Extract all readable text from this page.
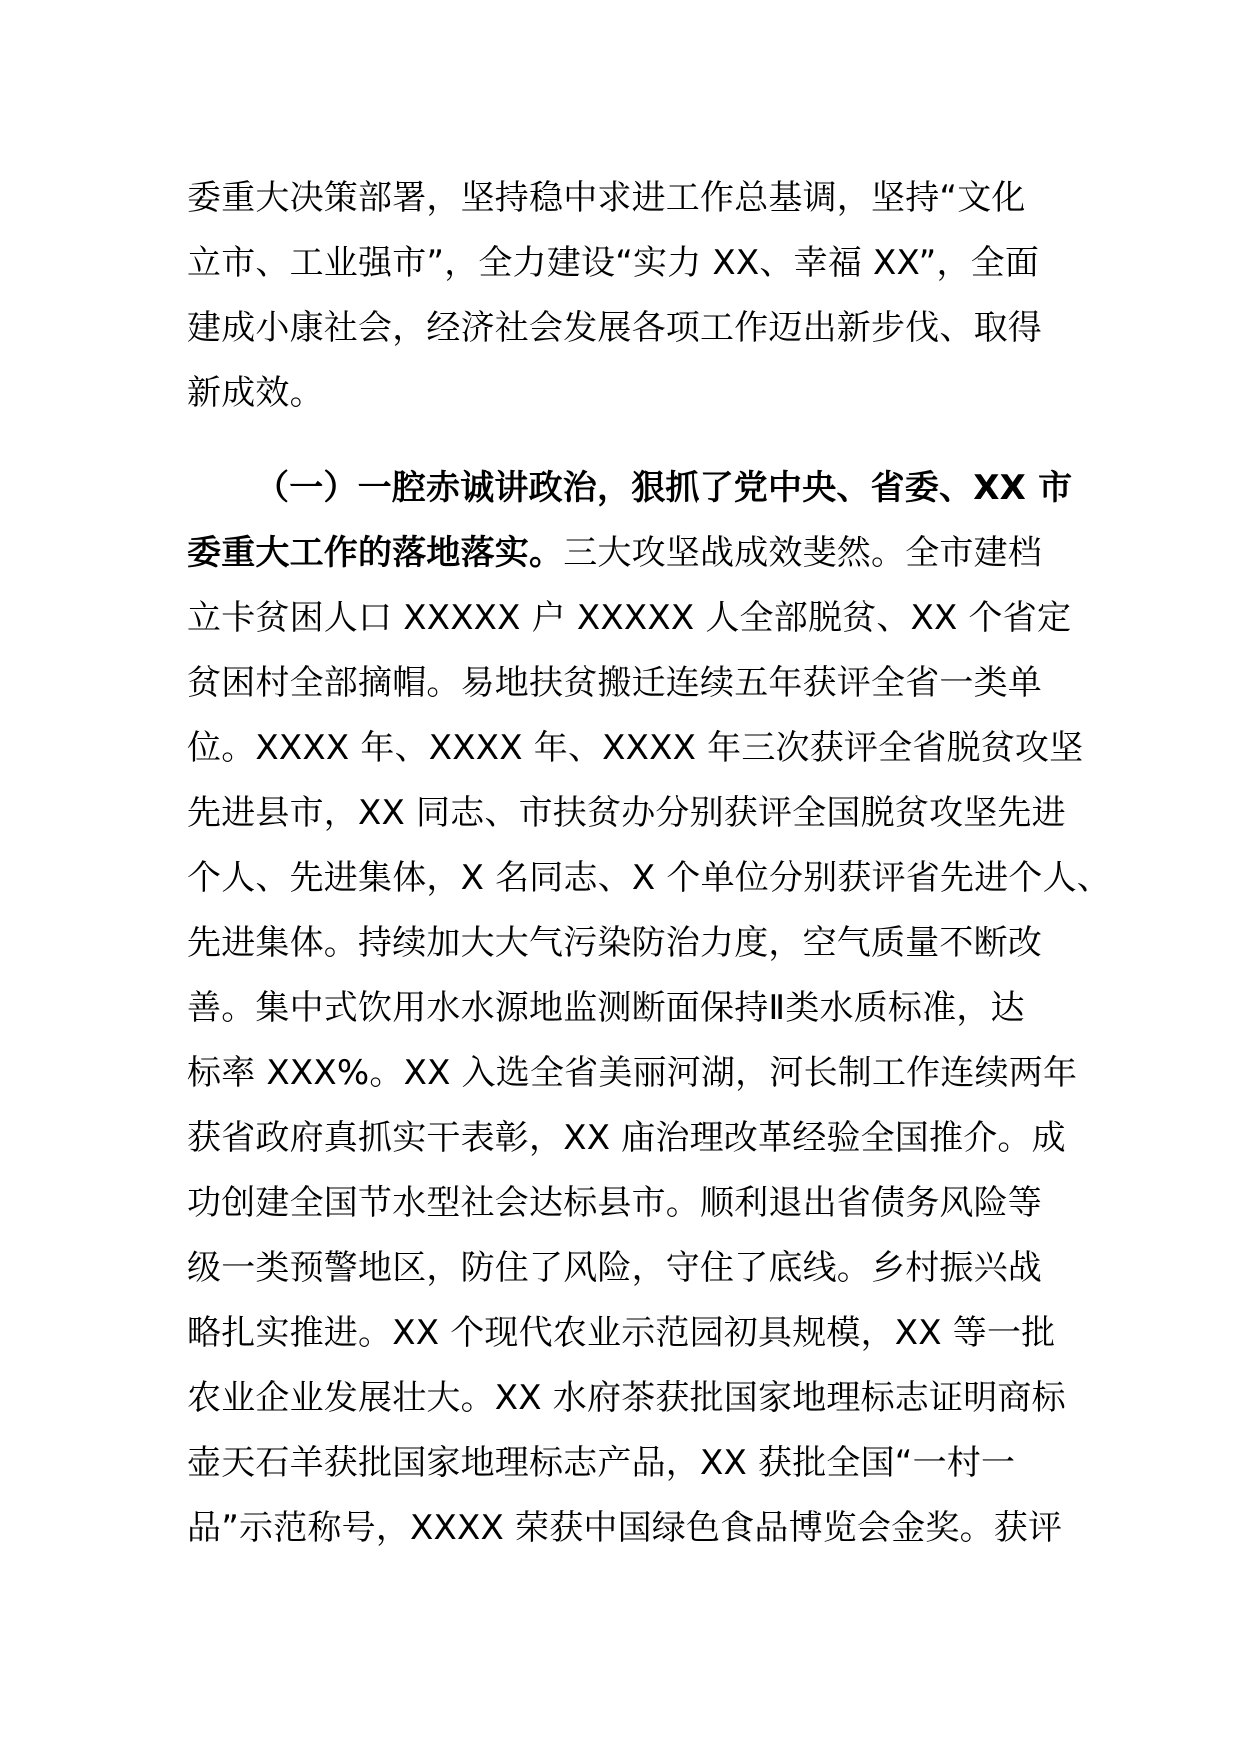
委重大决策部署，坚持稳中求进工作总基调，坚持“文化
立市、工业强市”，全力建设“实力 XX、幸福 XX”，全面
建成小康社会，经济社会发展各项工作迈出新步伐、取得
新成效。
（一）一腔赤诚讲政治，狠抓了党中央、省委、XX 市
委重大工作的落地落实。三大攻坚战成效斐然。全市建档
立卡贫困人口 XXXXX 户 XXXXX 人全部脱贫、XX 个省定
贫困村全部摘帽。易地扶贫搬迁连续五年获评全省一类单
位。XXXX 年、XXXX 年、XXXX 年三次获评全省脱贫攻坚
先进县市，XX 同志、市扶贫办分别获评全国脱贫攻坚先进
个人、先进集体，X 名同志、X 个单位分别获评省先进个人、
先进集体。持续加大大气污染防治力度，空气质量不断改
善。集中式饮用水水源地监测断面保持Ⅱ类水质标准，达
标率 XXX%。XX 入选全省美丽河湖，河长制工作连续两年
获省政府真抓实干表彰，XX 庙治理改革经验全国推介。成
功创建全国节水型社会达标县市。顺利退出省债务风险等
级一类预警地区，防住了风险，守住了底线。乡村振兴战
略扎实推进。XX 个现代农业示范园初具规模，XX 等一批
农业企业发展壮大。XX 水府茶获批国家地理标志证明商标
壶天石羊获批国家地理标志产品，XX 获批全国“一村一
品”示范称号，XXXX 荣获中国绿色食品博览会金奖。获评
